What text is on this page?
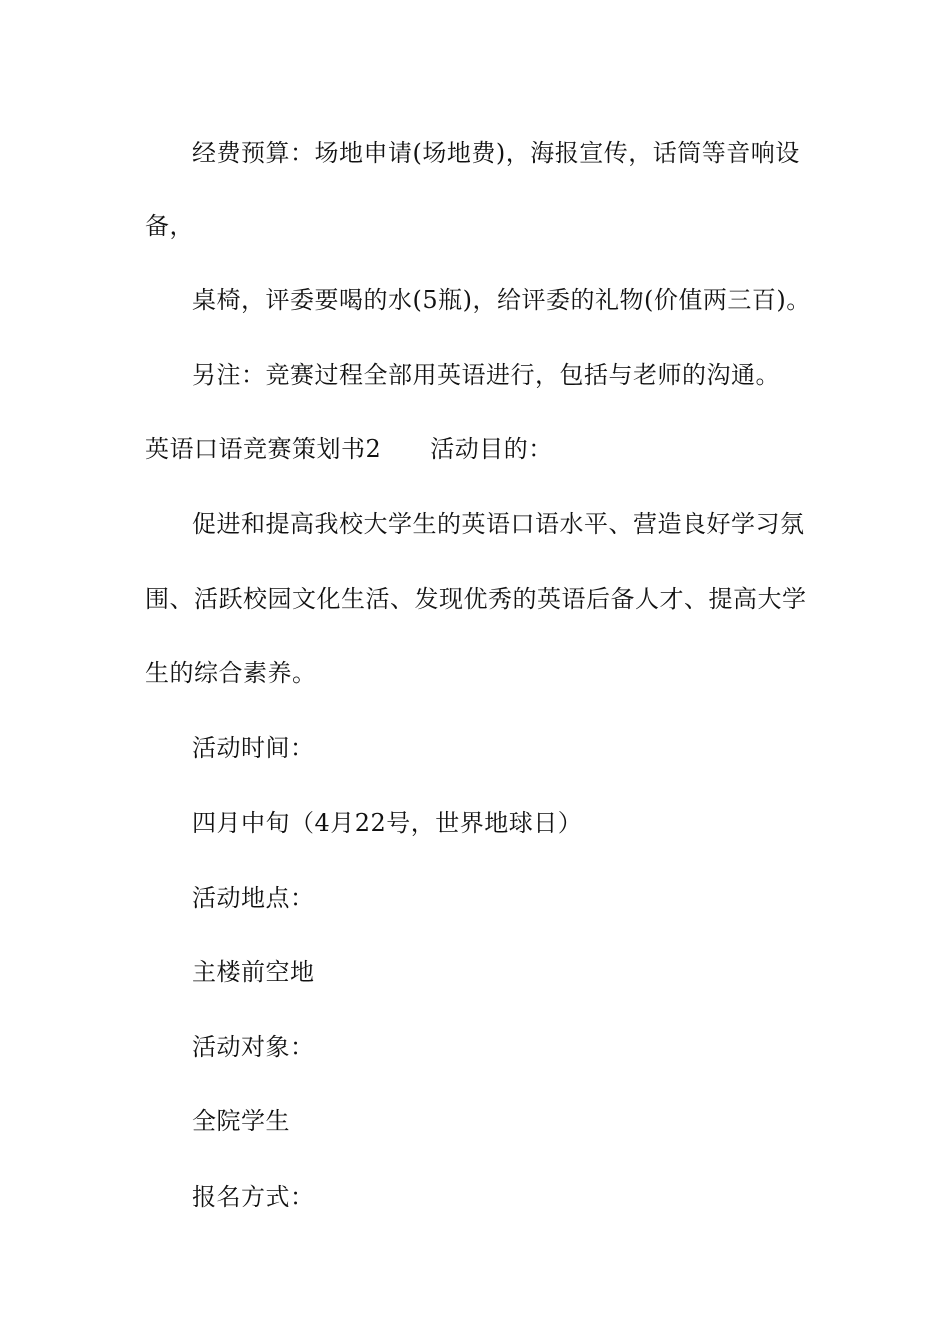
经费预算：场地申请(场地费)，海报宣传，话筒等音响设
备，
桌椅，评委要喝的水(5瓶)，给评委的礼物(价值两三百)。
另注：竞赛过程全部用英语进行，包括与老师的沟通。
英语口语竞赛策划书2　　活动目的：
促进和提高我校大学生的英语口语水平、营造良好学习氛
围、活跃校园文化生活、发现优秀的英语后备人才、提高大学
生的综合素养。
活动时间：
四月中旬（4月22号，世界地球日）
活动地点：
主楼前空地
活动对象：
全院学生
报名方式：
